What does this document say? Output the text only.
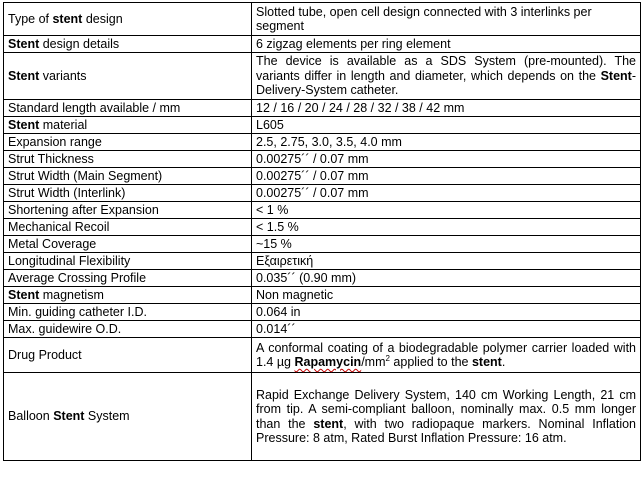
Type of stent design	Slotted tube, open cell design connected with 3 interlinks per segment
Stent design details	6 zigzag elements per ring element
Stent variants	The device is available as a SDS System (pre-mounted). The variants differ in length and diameter, which depends on the Stent-Delivery-System catheter.
Standard length available / mm	12 / 16 / 20 / 24 / 28 / 32 / 38 / 42 mm
Stent material	L605
Expansion range	2.5, 2.75, 3.0, 3.5, 4.0 mm
Strut Thickness	0.00275´´ / 0.07 mm
Strut Width (Main Segment)	0.00275´´ / 0.07 mm
Strut Width (Interlink)	0.00275´´ / 0.07 mm
Shortening after Expansion	< 1 %
Mechanical Recoil	< 1.5 %
Metal Coverage	~15 %
Longitudinal Flexibility	Εξαιρετική
Average Crossing Profile	0.035´´ (0.90 mm)
Stent magnetism	Non magnetic
Min. guiding catheter I.D.	0.064 in
Max. guidewire O.D.	0.014´´
Drug Product	A conformal coating of a biodegradable polymer carrier loaded with 1.4 µg Rapamycin/$mm^2$ applied to the stent.
Balloon Stent System	Rapid Exchange Delivery System, 140 cm Working Length, 21 cm from tip. A semi-compliant balloon, nominally max. 0.5 mm longer than the stent, with two radiopaque markers. Nominal Inflation Pressure: 8 atm, Rated Burst Inflation Pressure: 16 atm.
